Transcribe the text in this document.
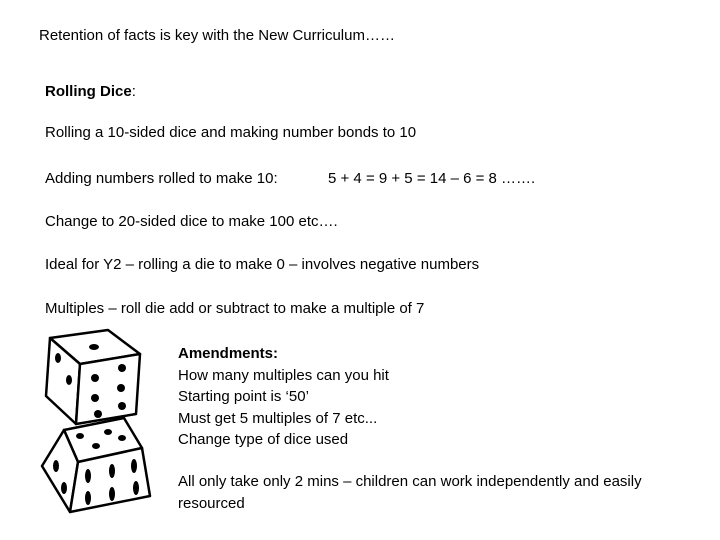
Retention of facts is key with the New Curriculum……
Rolling Dice:
Rolling a 10-sided dice and making number bonds to 10
Adding numbers rolled to make 10:	5 + 4 = 9 + 5 = 14 – 6 = 8 …….
Change to 20-sided dice to make 100 etc….
Ideal for Y2 – rolling a die to make 0 – involves negative numbers
Multiples – roll die add or subtract to make a multiple of 7
Amendments:
How many multiples can you hit
Starting point is ‘50’
Must get 5 multiples of 7 etc...
Change type of dice used
All only take only 2 mins – children can work independently and easily resourced
